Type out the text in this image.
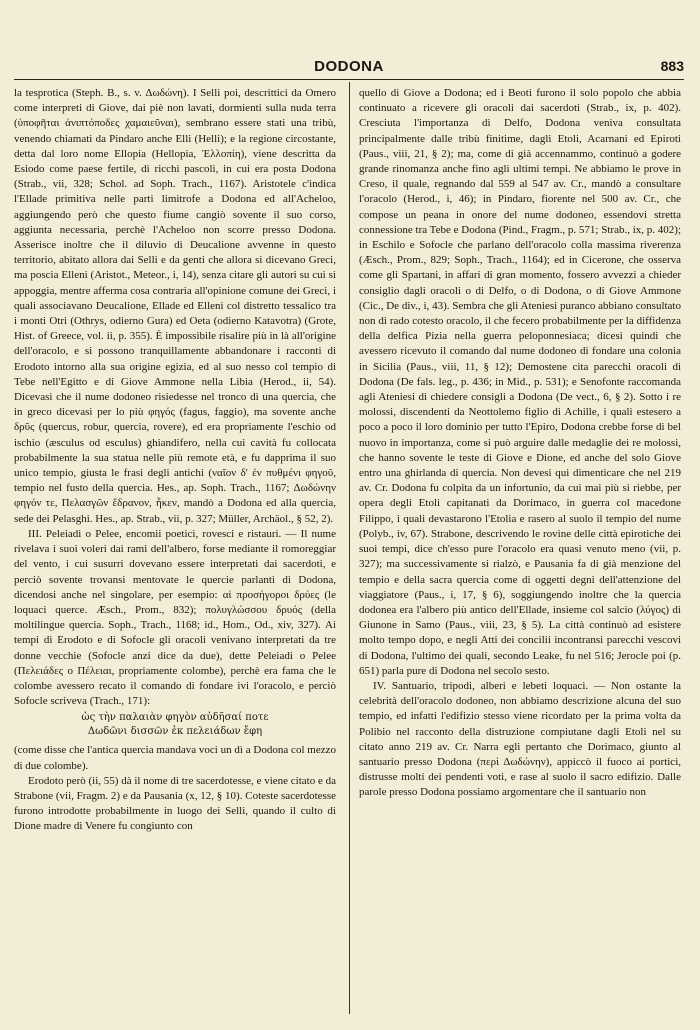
DODONA	883

la tesprotica (Steph. B., s. v. Δωδώνη). I Selli poi, descrittici da Omero come interpreti di Giove, dai piè non lavati, dormienti sulla nuda terra (ὑποφῆται ἀνιπτόποδες χαμαιεῦναι), sembrano essere stati una tribù, venendo chiamati da Pindaro anche Elli (Helli); e la regione circostante, detta dal loro nome Ellopia (Hellopia, Ἑλλοπίη), viene descritta da Esiodo come paese fertile, di ricchi pascoli, in cui era posta Dodona (Strab., vii, 328; Schol. ad Soph. Trach., 1167). Aristotele c'indica l'Ellade primitiva nelle parti limitrofe a Dodona ed all'Acheloo, aggiungendo però che questo fiume cangiò sovente il suo corso, aggiunta necessaria, perchè l'Acheloo non scorre presso Dodona. Asserisce inoltre che il diluvio di Deucalione avvenne in questo territorio, abitato allora dai Selli e da genti che allora si dicevano Greci, ma poscia Elleni (Aristot., Meteor., i, 14), senza citare gli autori su cui si appoggia, mentre afferma cosa contraria all'opinione comune dei Greci, i quali associavano Deucalione, Ellade ed Elleni col distretto tessalico tra i monti Otri (Othrys, odierno Gura) ed Oeta (odierno Katavotra) (Grote, Hist. of Greece, vol. ii, p. 355). È impossibile risalire più in là all'origine dell'oracolo, e si possono tranquillamente abbandonare i racconti di Erodoto intorno alla sua origine egizia, ed al suo nesso col tempio di Tebe nell'Egitto e di Giove Ammone nella Libia (Herod., ii, 54). Dicevasi che il nume dodoneo risiedesse nel tronco di una quercia, che in greco dicevasi per lo più φηγός (fagus, faggio), ma sovente anche δρῦς (quercus, robur, quercia, rovere), ed era propriamente l'eschio od ischio (æsculus od esculus) ghiandifero, nella cui cavità fu collocata probabilmente la sua statua nelle più remote età, e fu dapprima il suo unico tempio, giusta le frasi degli antichi (ναῖον δ' ἐν πυθμένι φηγοῦ, tempio nel fusto della quercia. Hes., ap. Soph. Trach., 1167; Δωδώνην φηγόν τε, Πελασγῶν ἕδρανον, ἧκεν, mandò a Dodona ed alla quercia, sede dei Pelasghi. Hes., ap. Strab., vii, p. 327; Müller, Archäol., § 52, 2).

III. Peleiadi o Pelee, encomii poetici, rovesci e ristauri. — Il nume rivelava i suoi voleri dai rami dell'albero, forse mediante il romoreggiar del vento, i cui susurri dovevano essere interpretati dai sacerdoti, e perciò sovente trovansi mentovate le quercie parlanti di Dodona, dicendosi anche nel singolare, per esempio: αἱ προσήγοροι δρύες (le loquaci querce. Æsch., Prom., 832); πολυγλώσσου δρυός (della moltilingue quercia. Soph., Trach., 1168; id., Hom., Od., xiv, 327). Ai tempi di Erodoto e di Sofocle gli oracoli venivano interpretati da tre donne vecchie (Sofocle anzi dice da due), dette Peleiadi o Pelee (Πελειάδες o Πέλειαι, propriamente colombe), perchè era fama che le colombe avessero recato il comando di fondare ivi l'oracolo, e perciò Sofocle scriveva (Trach., 171):

ὡς τὴν παλαιὰν φηγὸν αὐδῆσαί ποτε
Δωδῶνι δισσῶν ἐκ πελειάδων ἔφη

(come disse che l'antica quercia mandava voci un dì a Dodona col mezzo di due colombe).

Erodoto però (ii, 55) dà il nome di tre sacerdotesse, e viene citato e da Strabone (vii, Fragm. 2) e da Pausania (x, 12, § 10). Coteste sacerdotesse furono introdotte probabilmente in luogo dei Selli, quando il culto di Dione madre di Venere fu congiunto con

quello di Giove a Dodona; ed i Beoti furono il solo popolo che abbia continuato a ricevere gli oracoli dai sacerdoti (Strab., ix, p. 402). Cresciuta l'importanza di Delfo, Dodona veniva consultata principalmente dalle tribù finitime, dagli Etoli, Acarnani ed Epiroti (Paus., viii, 21, § 2); ma, come di già accennammo, continuò a godere grande rinomanza anche fino agli ultimi tempi. Ne abbiamo le prove in Creso, il quale, regnando dal 559 al 547 av. Cr., mandò a consultare l'oracolo (Herod., i, 46); in Pindaro, fiorente nel 500 av. Cr., che compose un peana in onore del nume dodoneo, essendovi stretta connessione tra Tebe e Dodona (Pind., Fragm., p. 571; Strab., ix, p. 402); in Eschilo e Sofocle che parlano dell'oracolo colla massima riverenza (Æsch., Prom., 829; Soph., Trach., 1164); ed in Cicerone, che osserva come gli Spartani, in affari di gran momento, fossero avvezzi a chieder consiglio dagli oracoli o di Delfo, o di Dodona, o di Giove Ammone (Cic., De div., i, 43). Sembra che gli Ateniesi puranco abbiano consultato non di rado cotesto oracolo, il che fecero probabilmente per la diffidenza della delfica Pizia nella guerra peloponnesiaca; dicesi quindi che avessero ricevuto il comando dal nume dodoneo di fondare una colonia in Sicilia (Paus., viii, 11, § 12); Demostene cita parecchi oracoli di Dodona (De fals. leg., p. 436; in Mid., p. 531); e Senofonte raccomanda agli Ateniesi di chiedere consigli a Dodona (De vect., 6, § 2). Sotto i re molossi, discendenti da Neottolemo figlio di Achille, i quali estesero a poco a poco il loro dominio per tutto l'Epiro, Dodona crebbe forse di bel nuovo in importanza, come si può arguire dalle medaglie dei re molossi, che hanno sovente le teste di Giove e Dione, ed anche del solo Giove entro una ghirlanda di quercia. Non devesi qui dimenticare che nel 219 av. Cr. Dodona fu colpita da un infortunio, da cui mai più si riebbe, per opera degli Etoli capitanati da Dorimaco, in guerra col macedone Filippo, i quali devastarono l'Etolia e rasero al suolo il tempio del nume (Polyb., iv, 67). Strabone, descrivendo le rovine delle città epirotiche dei suoi tempi, dice ch'esso pure l'oracolo era quasi venuto meno (vii, p. 327); ma successivamente si rialzò, e Pausania fa di già menzione del tempio e della sacra quercia come di oggetti degni dell'attenzione del viaggiatore (Paus., i, 17, § 6), soggiungendo inoltre che la quercia dodonea era l'albero più antico dell'Ellade, insieme col salcio (λύγος) di Giunone in Samo (Paus., viii, 23, § 5). La città continuò ad esistere molto tempo dopo, e negli Atti dei concilii incontransi parecchi vescovi di Dodona, l'ultimo dei quali, secondo Leake, fu nel 516; Jerocle poi (p. 651) parla pure di Dodona nel secolo sesto.

IV. Santuario, tripodi, alberi e lebeti loquaci. — Non ostante la celebrità dell'oracolo dodoneo, non abbiamo descrizione alcuna del suo tempio, ed infatti l'edifizio stesso viene ricordato per la prima volta da Polibio nel racconto della distruzione compiutane dagli Etoli nel su citato anno 219 av. Cr. Narra egli pertanto che Dorimaco, giunto al santuario presso Dodona (περὶ Δωδώνην), appiccò il fuoco ai portici, distrusse molti dei pendenti voti, e rase al suolo il sacro edifizio. Dalle parole presso Dodona possiamo argomentare che il santuario non
